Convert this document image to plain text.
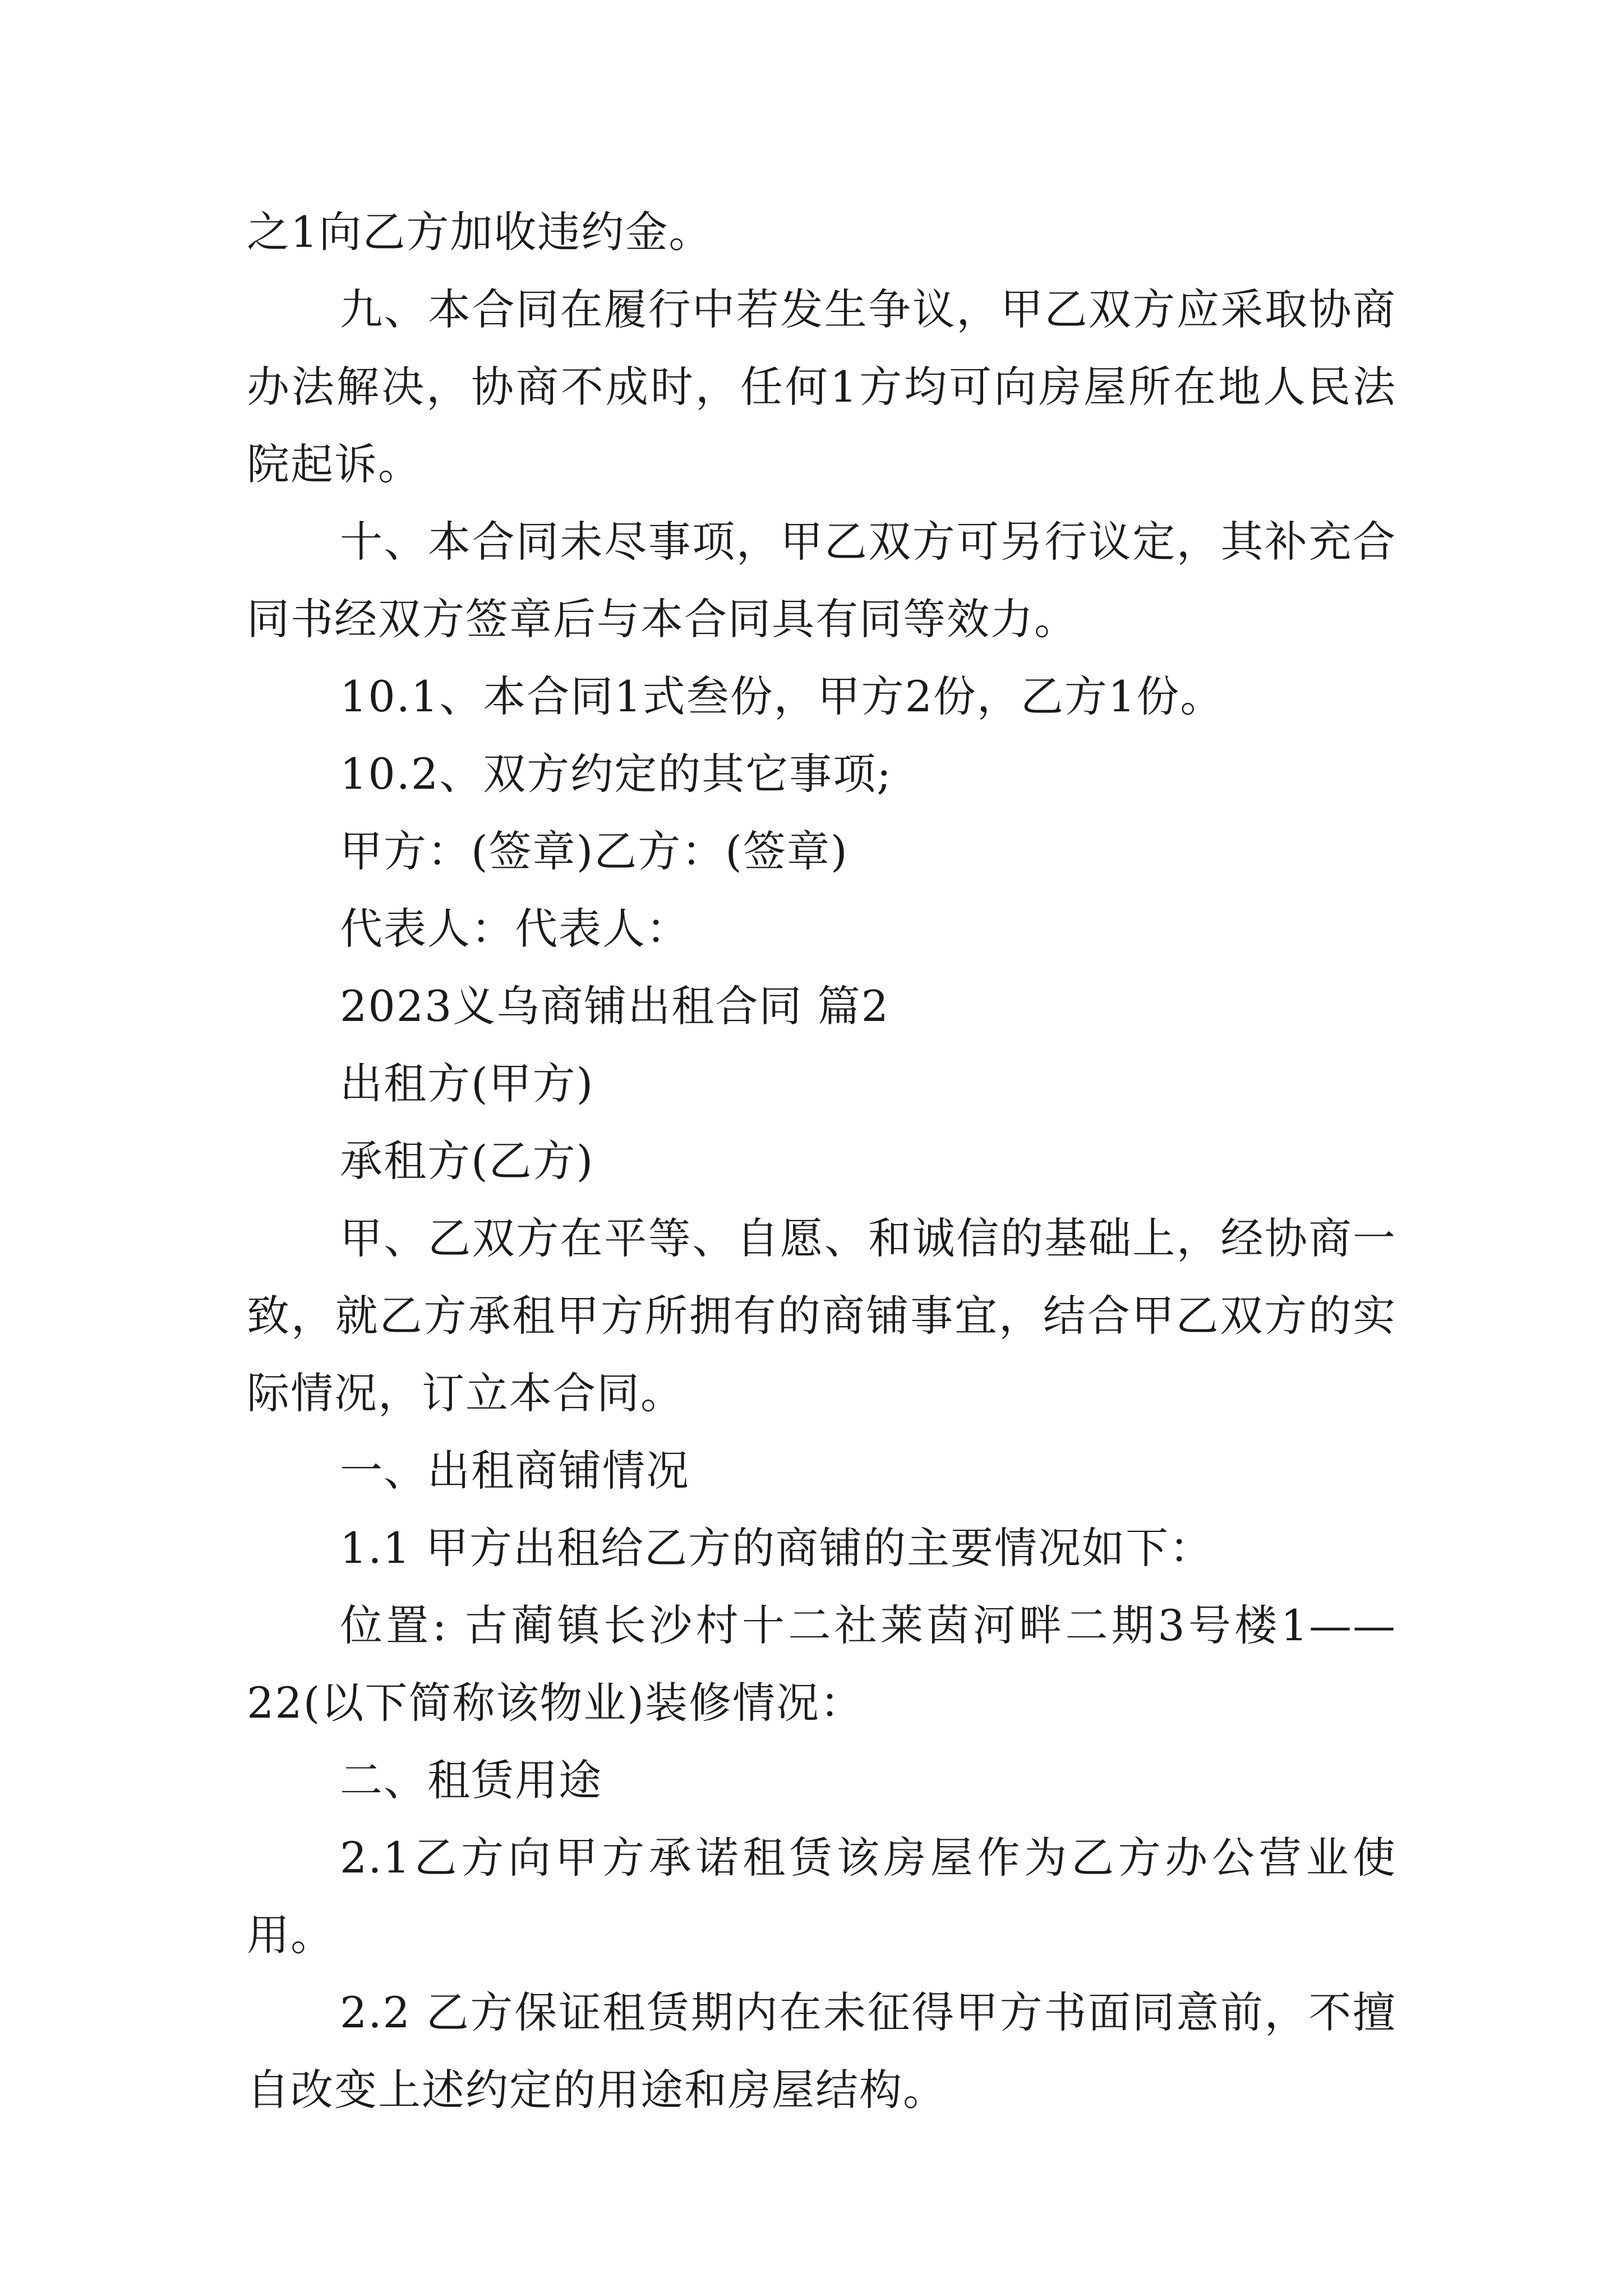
之1向乙方加收违约金。

九、本合同在履行中若发生争议，甲乙双方应采取协商办法解决，协商不成时，任何1方均可向房屋所在地人民法院起诉。

十、本合同未尽事项，甲乙双方可另行议定，其补充合同书经双方签章后与本合同具有同等效力。

10.1、本合同1式叁份，甲方2份，乙方1份。

10.2、双方约定的其它事项;

甲方：(签章)乙方：(签章)

代表人：代表人：

2023义乌商铺出租合同 篇2

出租方(甲方)

承租方(乙方)

甲、乙双方在平等、自愿、和诚信的基础上，经协商一致，就乙方承租甲方所拥有的商铺事宜，结合甲乙双方的实际情况，订立本合同。

一、出租商铺情况

1.1 甲方出租给乙方的商铺的主要情况如下：

位置: 古蔺镇长沙村十二社莱茵河畔二期3号楼1——22(以下简称该物业)装修情况：

二、租赁用途

2.1乙方向甲方承诺租赁该房屋作为乙方办公营业使用。

2.2 乙方保证租赁期内在未征得甲方书面同意前，不擅自改变上述约定的用途和房屋结构。
